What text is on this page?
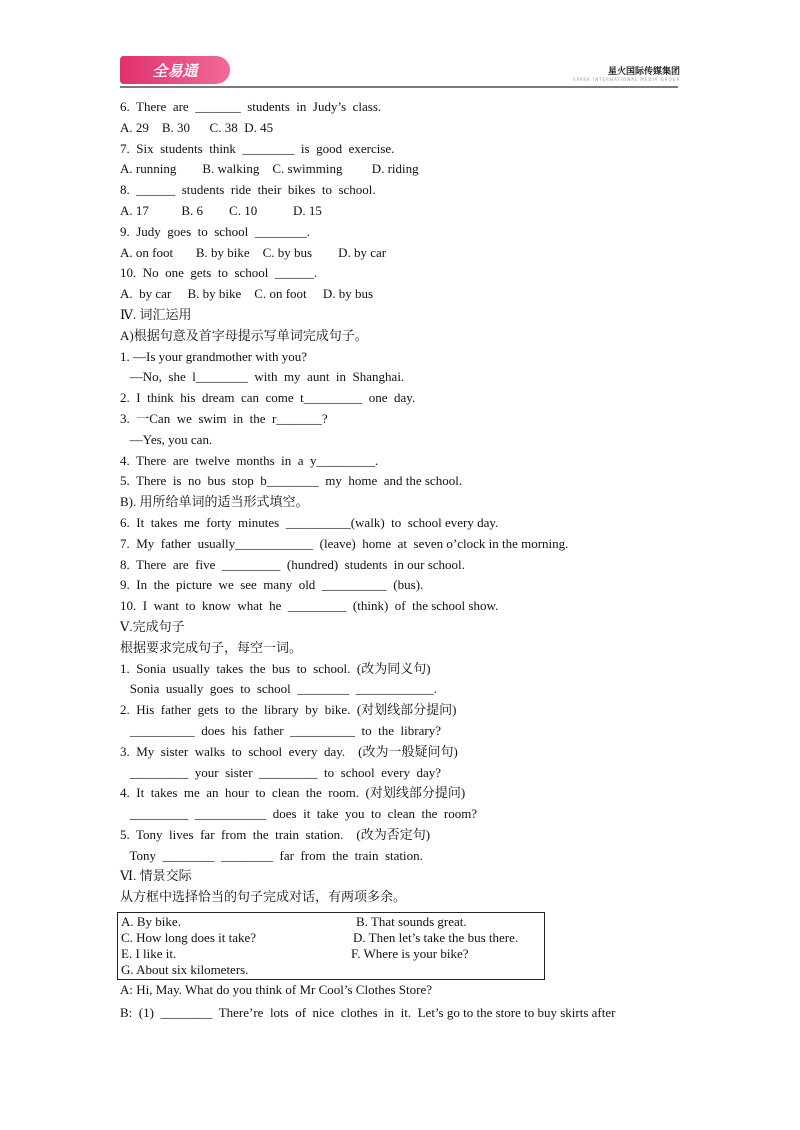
全易通	星火国际传媒集团
SPARK INTERNATIONAL MEDIA GROUP
6.  There  are  _______  students  in  Judy’s  class.
A. 29    B. 30      C. 38  D. 45
7.  Six  students  think  ________  is  good  exercise.
A. running        B. walking    C. swimming         D. riding
8.  ______  students  ride  their  bikes  to  school.
A. 17          B. 6        C. 10           D. 15
9.  Judy  goes  to  school  ________.
A. on foot       B. by bike    C. by bus        D. by car
10.  No  one  gets  to  school  ______.
A.  by car     B. by bike    C. on foot     D. by bus
Ⅳ. 词汇运用
A)根据句意及首字母提示写单词完成句子。
1. —Is your grandmother with you?
—No,  she  l________  with  my  aunt  in  Shanghai.
2.  I  think  his  dream  can  come  t_________  one  day.
3.  一Can  we  swim  in  the  r_______?
—Yes, you can.
4.  There  are  twelve  months  in  a  y_________.
5.  There  is  no  bus  stop  b________  my  home  and the school.
B). 用所给单词的适当形式填空。
6.  It  takes  me  forty  minutes  __________(walk)  to  school every day.
7.  My  father  usually____________  (leave)  home  at  seven o’clock in the morning.
8.  There  are  five  _________  (hundred)  students  in our school.
9.  In  the  picture  we  see  many  old  __________  (bus).
10.  I  want  to  know  what  he  _________  (think)  of  the school show.
Ⅴ.完成句子
根据要求完成句子，每空一词。
1.  Sonia  usually  takes  the  bus  to  school.  (改为同义句)
Sonia  usually  goes  to  school  ________  ____________.
2.  His  father  gets  to  the  library  by  bike.  (对划线部分提问)
__________  does  his  father  __________  to  the  library?
3.  My  sister  walks  to  school  every  day.    (改为一般疑问句)
_________  your  sister  _________  to  school  every  day?
4.  It  takes  me  an  hour  to  clean  the  room.  (对划线部分提问)
_________  ___________  does  it  take  you  to  clean  the  room?
5.  Tony  lives  far  from  the  train  station.    (改为否定句)
Tony  ________  ________  far  from  the  train  station.
Ⅵ. 情景交际
从方框中选择恰当的句子完成对话，有两项多余。
A. By bike.	B. That sounds great.
C. How long does it take?	D. Then let’s take the bus there.
E. I like it.	F. Where is your bike?
G. About six kilometers.
A: Hi, May. What do you think of Mr Cool’s Clothes Store?
B:  (1)  ________  There’re  lots  of  nice  clothes  in  it.  Let’s go to the store to buy skirts after
